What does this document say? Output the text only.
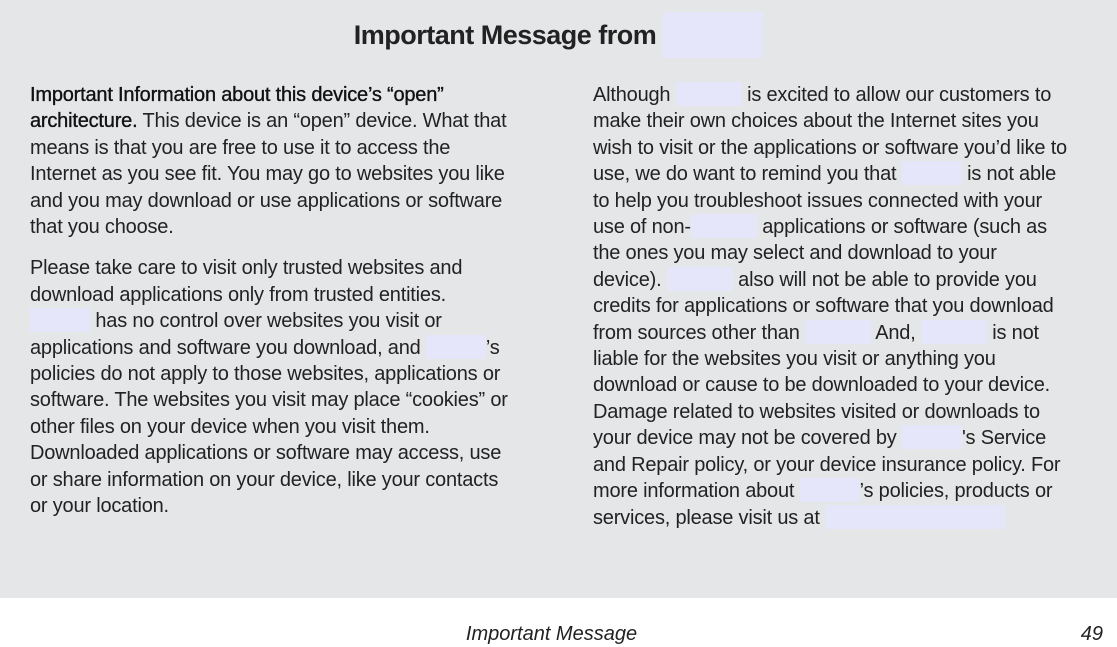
Important Message from

Important Information about this device’s “open” architecture. This device is an “open” device. What that means is that you are free to use it to access the Internet as you see fit. You may go to websites you like and you may download or use applications or software that you choose.

Please take care to visit only trusted websites and download applications only from trusted entities.  has no control over websites you visit or applications and software you download, and	’s policies do not apply to those websites, applications or software. The websites you visit may place “cookies” or other files on your device when you visit them. Downloaded applications or software may access, use or share information on your device, like your contacts or your location.

Although	is excited to allow our customers to make their own choices about the Internet sites you wish to visit or the applications or software you’d like to use, we do want to remind you that	is not able to help you troubleshoot issues connected with your use of non-	applications or software (such as the ones you may select and download to your device).	also will not be able to provide you credits for applications or software that you download from sources other than	And,	is not liable for the websites you visit or anything you download or cause to be downloaded to your device. Damage related to websites visited or downloads to your device may not be covered by	's Service and Repair policy, or your device insurance policy. For more information about	’s policies, products or services, please visit us at

Important Message	49
